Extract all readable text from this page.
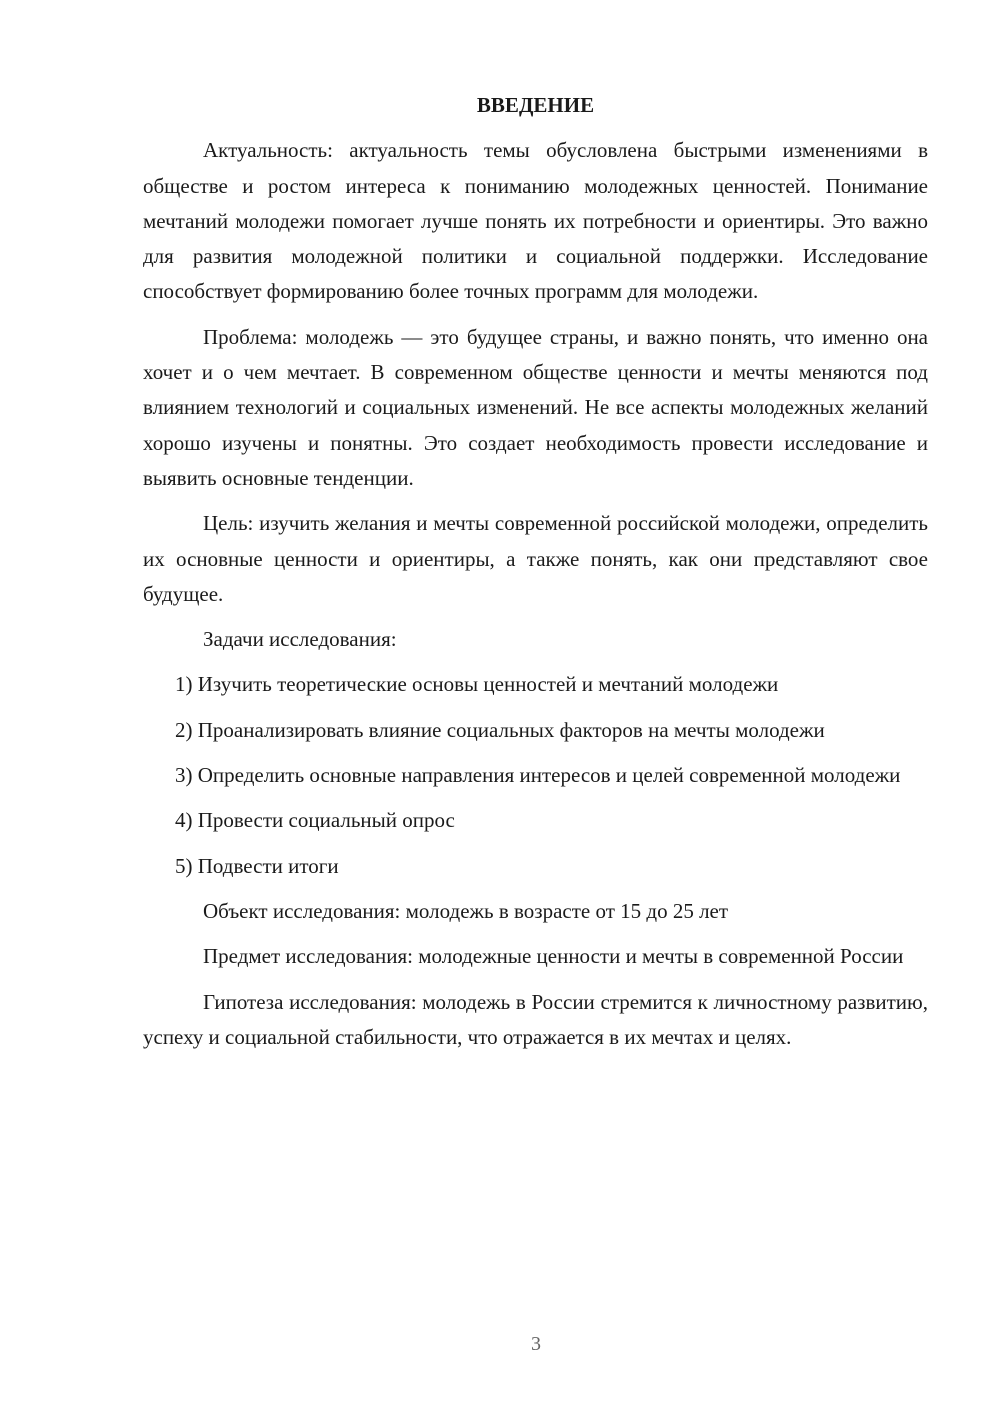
ВВЕДЕНИЕ

Актуальность: актуальность темы обусловлена быстрыми изменениями в обществе и ростом интереса к пониманию молодежных ценностей. Понимание мечтаний молодежи помогает лучше понять их потребности и ориентиры. Это важно для развития молодежной политики и социальной поддержки. Исследование способствует формированию более точных программ для молодежи.

Проблема: молодежь — это будущее страны, и важно понять, что именно она хочет и о чем мечтает. В современном обществе ценности и мечты меняются под влиянием технологий и социальных изменений. Не все аспекты молодежных желаний хорошо изучены и понятны. Это создает необходимость провести исследование и выявить основные тенденции.

Цель: изучить желания и мечты современной российской молодежи, определить их основные ценности и ориентиры, а также понять, как они представляют свое будущее.

Задачи исследования:

1) Изучить теоретические основы ценностей и мечтаний молодежи

2) Проанализировать влияние социальных факторов на мечты молодежи

3) Определить основные направления интересов и целей современной молодежи

4) Провести социальный опрос

5) Подвести итоги

Объект исследования: молодежь в возрасте от 15 до 25 лет

Предмет исследования: молодежные ценности и мечты в современной России

Гипотеза исследования: молодежь в России стремится к личностному развитию, успеху и социальной стабильности, что отражается в их мечтах и целях.

3
